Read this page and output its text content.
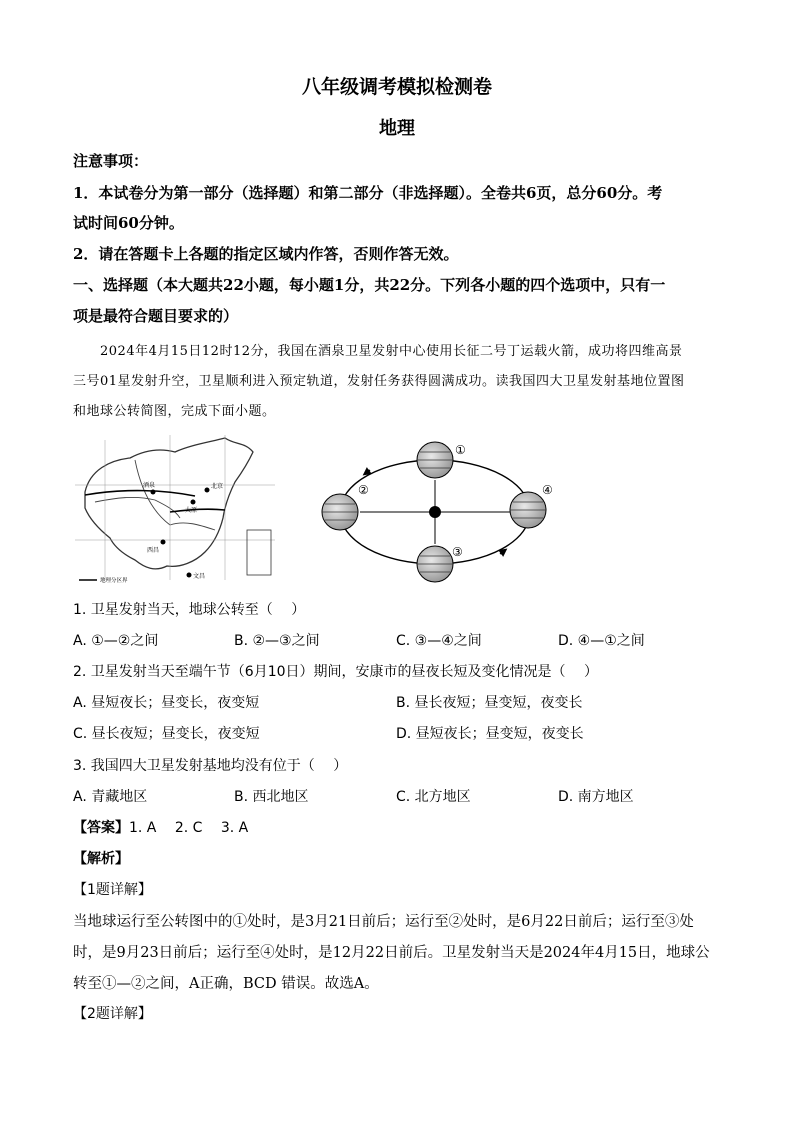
八年级调考模拟检测卷
地理
注意事项：
1．本试卷分为第一部分（选择题）和第二部分（非选择题）。全卷共6页，总分60分。考
试时间60分钟。
2．请在答题卡上各题的指定区域内作答，否则作答无效。
一、选择题（本大题共22小题，每小题1分，共22分。下列各小题的四个选项中，只有一
项是最符合题目要求的）
2024年4月15日12时12分，我国在酒泉卫星发射中心使用长征二号丁运载火箭，成功将四维高景
三号01星发射升空，卫星顺利进入预定轨道，发射任务获得圆满成功。读我国四大卫星发射基地位置图
和地球公转简图，完成下面小题。
酒泉
太原
北京
西昌
文昌
地理分区界
①
②
③
④
1. 卫星发射当天，地球公转至（　 ）
A. ①—②之间	B. ②—③之间	C. ③—④之间	D. ④—①之间
2. 卫星发射当天至端午节（6月10日）期间，安康市的昼夜长短及变化情况是（　 ）
A. 昼短夜长；昼变长，夜变短	B. 昼长夜短；昼变短，夜变长
C. 昼长夜短；昼变长，夜变短	D. 昼短夜长；昼变短，夜变长
3. 我国四大卫星发射基地均没有位于（　 ）
A. 青藏地区	B. 西北地区	C. 北方地区	D. 南方地区
【答案】1. A　 2. C　 3. A
【解析】
【1题详解】
当地球运行至公转图中的①处时，是3月21日前后；运行至②处时，是6月22日前后；运行至③处
时，是9月23日前后；运行至④处时，是12月22日前后。卫星发射当天是2024年4月15日，地球公
转至①—②之间，A正确，BCD 错误。故选A。
【2题详解】
